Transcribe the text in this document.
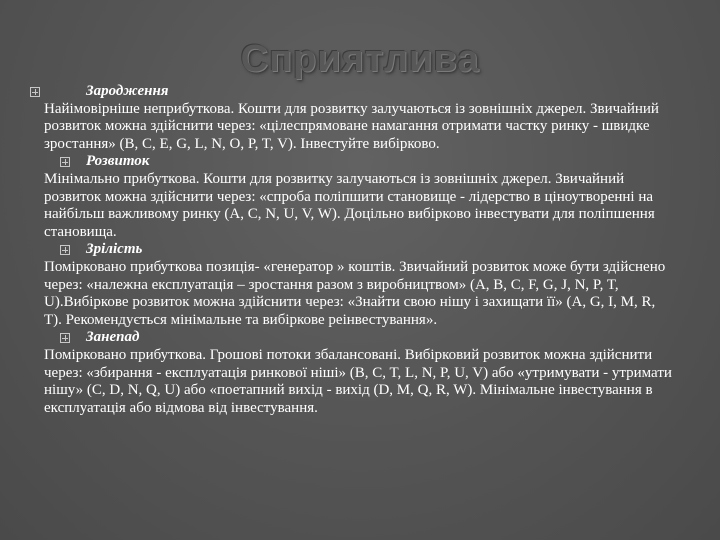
Сприятлива
Зародження
Найімовірніше неприбуткова. Кошти для розвитку залучаються із зовнішніх джерел. Звичайний розвиток можна здійснити через: «цілеспрямоване намагання отримати частку ринку - швидке зростання» (B, C, E, G, L, N, O, P, T, V). Інвестуйте вибірково.
Розвиток
Мінімально прибуткова. Кошти для розвитку залучаються із зовнішніх джерел. Звичайний розвиток можна здійснити через: «спроба поліпшити становище - лідерство в ціноутворенні на найбільш важливому ринку (A, C, N, U, V, W). Доцільно вибірково інвестувати для поліпшення становища.
Зрілість
Помірковано прибуткова позиція- «генератор » коштів. Звичайний розвиток може бути здійснено через: «належна експлуатація – зростання разом з виробництвом» (A, B, C, F, G, J, N, P, T, U).Вибіркове розвиток можна здійснити через: «Знайти свою нішу і захищати її» (A, G, I, M, R, T). Рекомендується мінімальне та вибіркове реінвестування».
Занепад
Помірковано прибуткова. Грошові потоки збалансовані. Вибірковий розвиток можна здійснити через: «збирання - експлуатація ринкової ніші» (B, C, T, L, N, P, U, V) або «утримувати - утримати нішу» (C, D, N, Q, U) або «поетапний вихід - вихід (D, M, Q, R, W). Мінімальне інвестування в експлуатація або відмова від інвестування.
